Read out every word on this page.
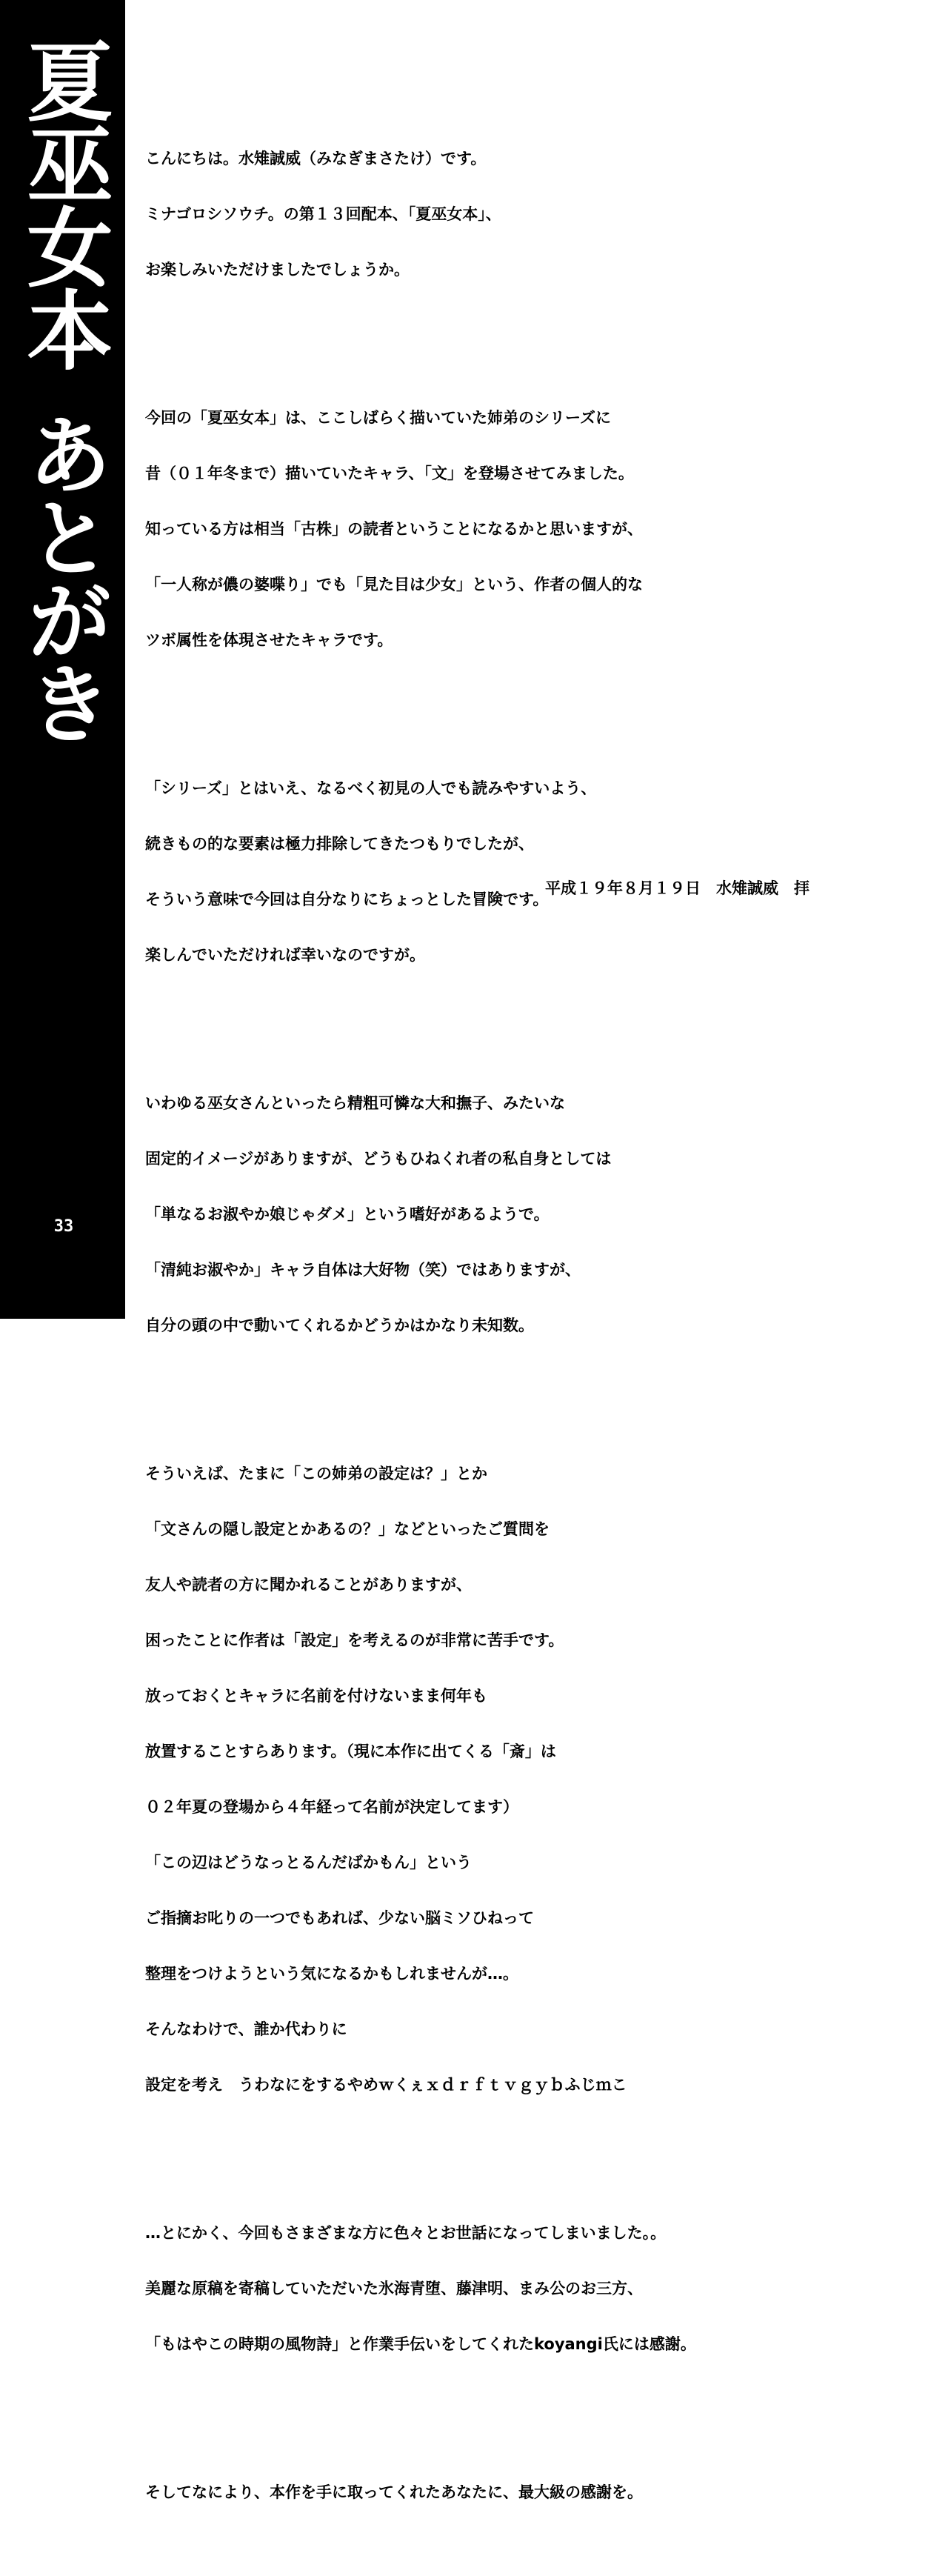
夏巫女本あとがき
33

こんにちは。水雉誠威（みなぎまさたけ）です。

ミナゴロシソウチ。の第１３回配本、「夏巫女本」、

お楽しみいただけましたでしょうか。

今回の「夏巫女本」は、ここしばらく描いていた姉弟のシリーズに

昔（０１年冬まで）描いていたキャラ、「文」を登場させてみました。

知っている方は相当「古株」の読者ということになるかと思いますが、

「一人称が儂の婆喋り」でも「見た目は少女」という、作者の個人的な

ツボ属性を体現させたキャラです。

「シリーズ」とはいえ、なるべく初見の人でも読みやすいよう、

続きもの的な要素は極力排除してきたつもりでしたが、

そういう意味で今回は自分なりにちょっとした冒険です。

楽しんでいただければ幸いなのですが。

いわゆる巫女さんといったら精粗可憐な大和撫子、みたいな

固定的イメージがありますが、どうもひねくれ者の私自身としては

「単なるお淑やか娘じゃダメ」という嗜好があるようで。

「清純お淑やか」キャラ自体は大好物（笑）ではありますが、

自分の頭の中で動いてくれるかどうかはかなり未知数。

そういえば、たまに「この姉弟の設定は？」とか

「文さんの隠し設定とかあるの？」などといったご質問を

友人や読者の方に聞かれることがありますが、

困ったことに作者は「設定」を考えるのが非常に苦手です。

放っておくとキャラに名前を付けないまま何年も

放置することすらあります。（現に本作に出てくる「斎」は

０２年夏の登場から４年経って名前が決定してます）

「この辺はどうなっとるんだばかもん」という

ご指摘お叱りの一つでもあれば、少ない脳ミソひねって

整理をつけようという気になるかもしれませんが…。

そんなわけで、誰か代わりに

設定を考え　うわなにをするやめｗくぇｘｄｒｆｔｖｇｙｂふじｍこ

…とにかく、今回もさまざまな方に色々とお世話になってしまいました。。

美麗な原稿を寄稿していただいた氷海青堕、藤津明、まみ公のお三方、

「もはやこの時期の風物詩」と作業手伝いをしてくれたkoyangi氏には感謝。

そしてなにより、本作を手に取ってくれたあなたに、最大級の感謝を。

平成１９年８月１９日　水雉誠威　拝
